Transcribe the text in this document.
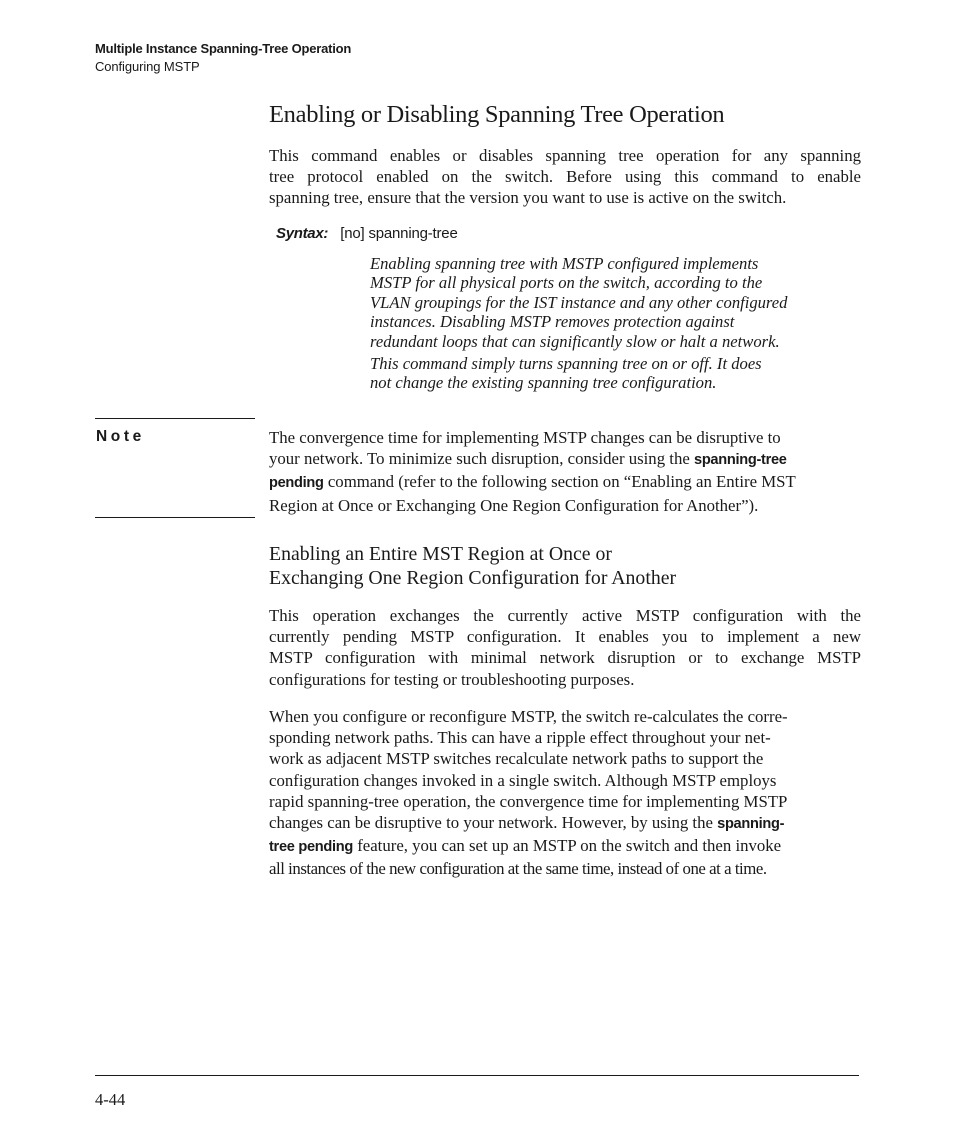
Multiple Instance Spanning-Tree Operation
Configuring MSTP
Enabling or Disabling Spanning Tree Operation
This command enables or disables spanning tree operation for any spanning
tree protocol enabled on the switch. Before using this command to enable
spanning tree, ensure that the version you want to use is active on the switch.
Syntax: [no] spanning-tree
Enabling spanning tree with MSTP configured implements
MSTP for all physical ports on the switch, according to the
VLAN groupings for the IST instance and any other configured
instances. Disabling MSTP removes protection against
redundant loops that can significantly slow or halt a network.
This command simply turns spanning tree on or off. It does
not change the existing spanning tree configuration.
Note	The convergence time for implementing MSTP changes can be disruptive to
your network. To minimize such disruption, consider using the spanning-tree
pending command (refer to the following section on “Enabling an Entire MST
Region at Once or Exchanging One Region Configuration for Another”).
Enabling an Entire MST Region at Once or
Exchanging One Region Configuration for Another
This operation exchanges the currently active MSTP configuration with the
currently pending MSTP configuration. It enables you to implement a new
MSTP configuration with minimal network disruption or to exchange MSTP
configurations for testing or troubleshooting purposes.
When you configure or reconfigure MSTP, the switch re-calculates the corre-
sponding network paths. This can have a ripple effect throughout your net-
work as adjacent MSTP switches recalculate network paths to support the
configuration changes invoked in a single switch. Although MSTP employs
rapid spanning-tree operation, the convergence time for implementing MSTP
changes can be disruptive to your network. However, by using the spanning-
tree pending feature, you can set up an MSTP on the switch and then invoke
all instances of the new configuration at the same time, instead of one at a time.
4-44
